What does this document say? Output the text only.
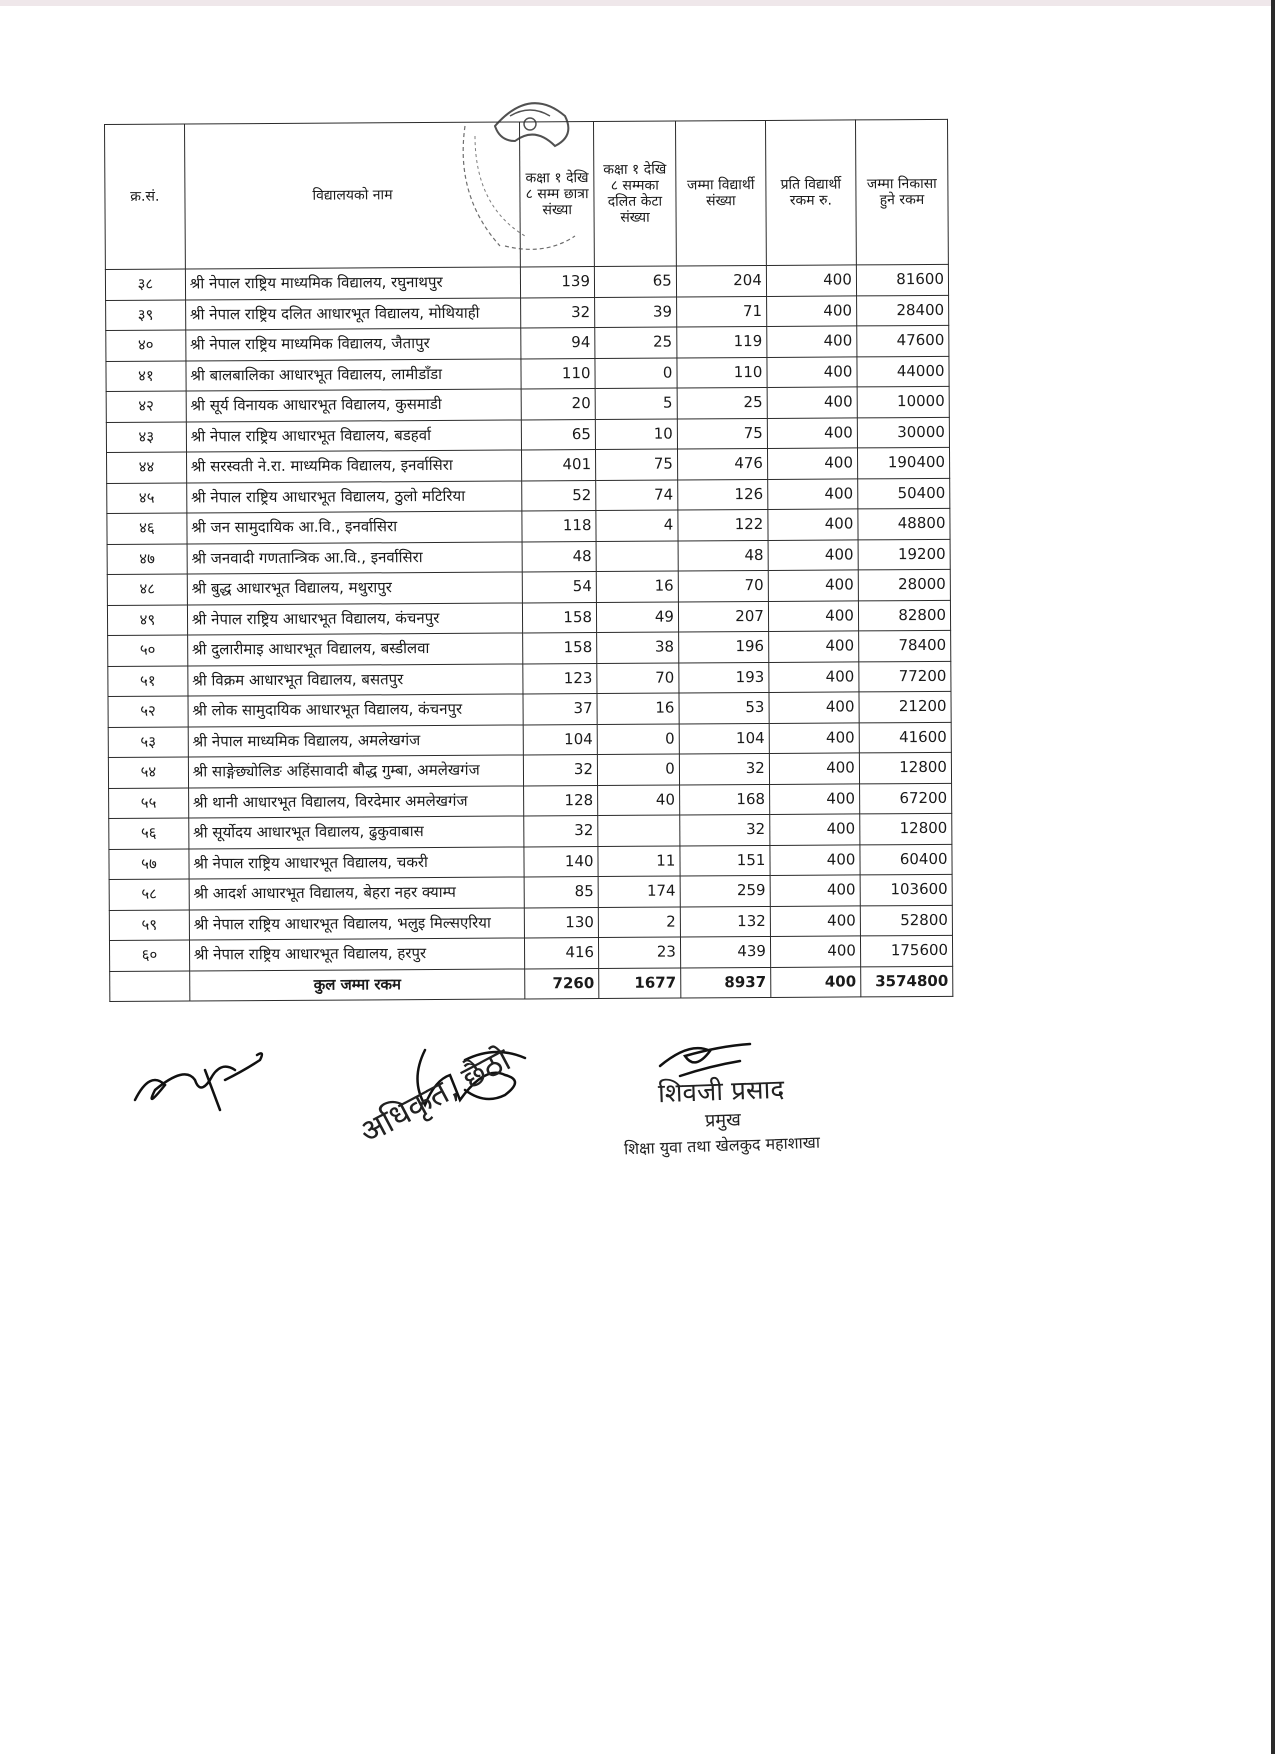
क्र.सं.	विद्यालयको नाम	कक्षा १ देखि ८ सम्म छात्रा संख्या	कक्षा १ देखि ८ सम्मका दलित केटा संख्या	जम्मा विद्यार्थी संख्या	प्रति विद्यार्थी रकम रु.	जम्मा निकासा हुने रकम
३८	श्री नेपाल राष्ट्रिय माध्यमिक विद्यालय, रघुनाथपुर	139	65	204	400	81600
३९	श्री नेपाल राष्ट्रिय दलित आधारभूत विद्यालय, मोथियाही	32	39	71	400	28400
४०	श्री नेपाल राष्ट्रिय माध्यमिक विद्यालय, जैतापुर	94	25	119	400	47600
४१	श्री बालबालिका आधारभूत विद्यालय, लामीडाँडा	110	0	110	400	44000
४२	श्री सूर्य विनायक आधारभूत विद्यालय, कुसमाडी	20	5	25	400	10000
४३	श्री नेपाल राष्ट्रिय आधारभूत विद्यालय, बडहर्वा	65	10	75	400	30000
४४	श्री सरस्वती ने.रा. माध्यमिक विद्यालय, इनर्वासिरा	401	75	476	400	190400
४५	श्री नेपाल राष्ट्रिय आधारभूत विद्यालय, ठुलो मटिरिया	52	74	126	400	50400
४६	श्री जन सामुदायिक आ.वि., इनर्वासिरा	118	4	122	400	48800
४७	श्री जनवादी गणतान्त्रिक आ.वि., इनर्वासिरा	48		48	400	19200
४८	श्री बुद्ध आधारभूत विद्यालय, मथुरापुर	54	16	70	400	28000
४९	श्री नेपाल राष्ट्रिय आधारभूत विद्यालय, कंचनपुर	158	49	207	400	82800
५०	श्री दुलारीमाइ आधारभूत विद्यालय, बस्डीलवा	158	38	196	400	78400
५१	श्री विक्रम आधारभूत विद्यालय, बसतपुर	123	70	193	400	77200
५२	श्री लोक सामुदायिक आधारभूत विद्यालय, कंचनपुर	37	16	53	400	21200
५३	श्री नेपाल माध्यमिक विद्यालय, अमलेखगंज	104	0	104	400	41600
५४	श्री साङ्गेछ्योलिङ अहिंसावादी बौद्ध गुम्बा, अमलेखगंज	32	0	32	400	12800
५५	श्री थानी आधारभूत विद्यालय, विरदेमार अमलेखगंज	128	40	168	400	67200
५६	श्री सूर्योदय आधारभूत विद्यालय, ढुकुवाबास	32		32	400	12800
५७	श्री नेपाल राष्ट्रिय आधारभूत विद्यालय, चकरी	140	11	151	400	60400
५८	श्री आदर्श आधारभूत विद्यालय, बेहरा नहर क्याम्प	85	174	259	400	103600
५९	श्री नेपाल राष्ट्रिय आधारभूत विद्यालय, भलुइ मिल्सएरिया	130	2	132	400	52800
६०	श्री नेपाल राष्ट्रिय आधारभूत विद्यालय, हरपुर	416	23	439	400	175600
	कुल जम्मा रकम	7260	1677	8937	400	3574800
अधिकृत, छैठो	शिवजी प्रसाद
प्रमुख
शिक्षा युवा तथा खेलकुद महाशाखा
